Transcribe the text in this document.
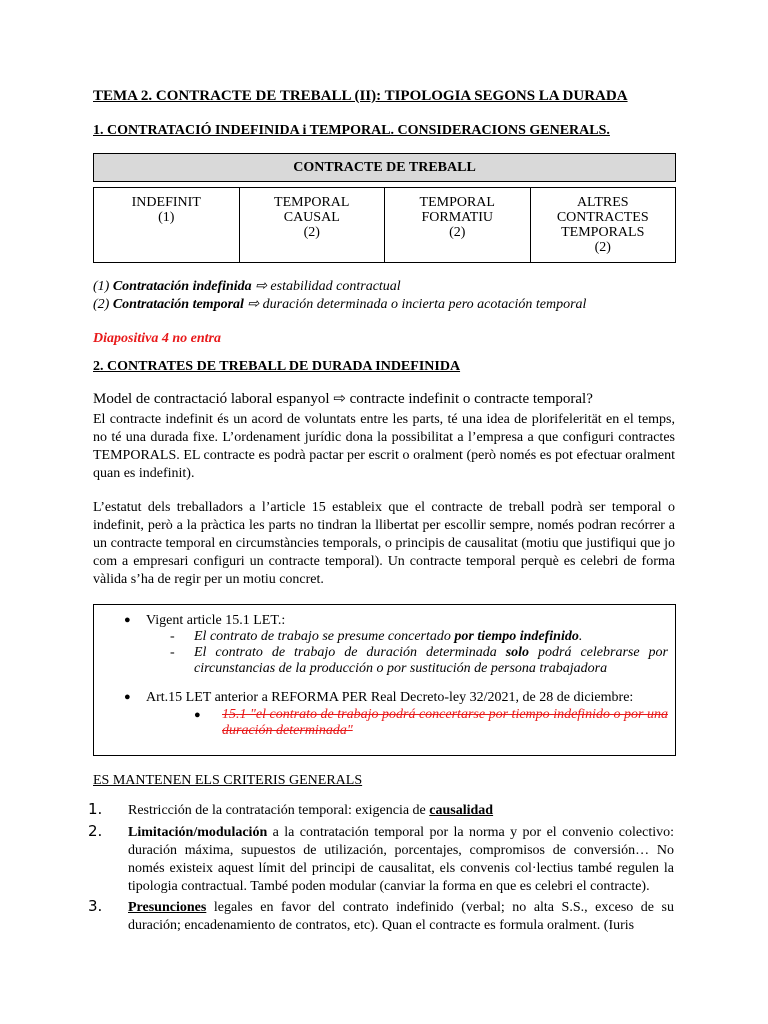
TEMA 2. CONTRACTE DE TREBALL (II): TIPOLOGIA SEGONS LA DURADA
1. CONTRATACIÓ INDEFINIDA i TEMPORAL. CONSIDERACIONS GENERALS.
CONTRACTE DE TREBALL
INDEFINIT
(1)
TEMPORAL
CAUSAL
(2)
TEMPORAL
FORMATIU
(2)
ALTRES
CONTRACTES
TEMPORALS
(2)
(1) Contratación indefinida ⇨ estabilidad contractual
(2) Contratación temporal ⇨ duración determinada o incierta pero acotación temporal
Diapositiva 4 no entra
2. CONTRATES DE TREBALL DE DURADA INDEFINIDA
Model de contractació laboral espanyol ⇨ contracte indefinit o contracte temporal?
El contracte indefinit és un acord de voluntats entre les parts, té una idea de plorifelerität en el temps, no té una durada fixe. L’ordenament jurídic dona la possibilitat a l’empresa a que configuri contractes TEMPORALS. EL contracte es podrà pactar per escrit o oralment (però només es pot efectuar oralment quan es indefinit).
L’estatut dels treballadors a l’article 15 estableix que el contracte de treball podrà ser temporal o indefinit, però a la pràctica les parts no tindran la llibertat per escollir sempre, només podran recórrer a un contracte temporal en circumstàncies temporals, o principis de causalitat (motiu que justifiqui que jo com a empresari configuri un contracte temporal). Un contracte temporal perquè es celebri de forma vàlida s’ha de regir per un motiu concret.
● Vigent article 15.1 LET.:
- El contrato de trabajo se presume concertado por tiempo indefinido.
- El contrato de trabajo de duración determinada solo podrá celebrarse por circunstancias de la producción o por sustitución de persona trabajadora
● Art.15 LET anterior a REFORMA PER Real Decreto-ley 32/2021, de 28 de diciembre:
● 15.1 "el contrato de trabajo podrá concertarse por tiempo indefinido o por una duración determinada"
ES MANTENEN ELS CRITERIS GENERALS
1. Restricción de la contratación temporal: exigencia de causalidad
2. Limitación/modulación a la contratación temporal por la norma y por el convenio colectivo: duración máxima, supuestos de utilización, porcentajes, compromisos de conversión… No només existeix aquest límit del principi de causalitat, els convenis col·lectius també regulen la tipologia contractual. També poden modular (canviar la forma en que es celebri el contracte).
3. Presunciones legales en favor del contrato indefinido (verbal; no alta S.S., exceso de su duración; encadenamiento de contratos, etc). Quan el contracte es formula oralment. (Iuris
